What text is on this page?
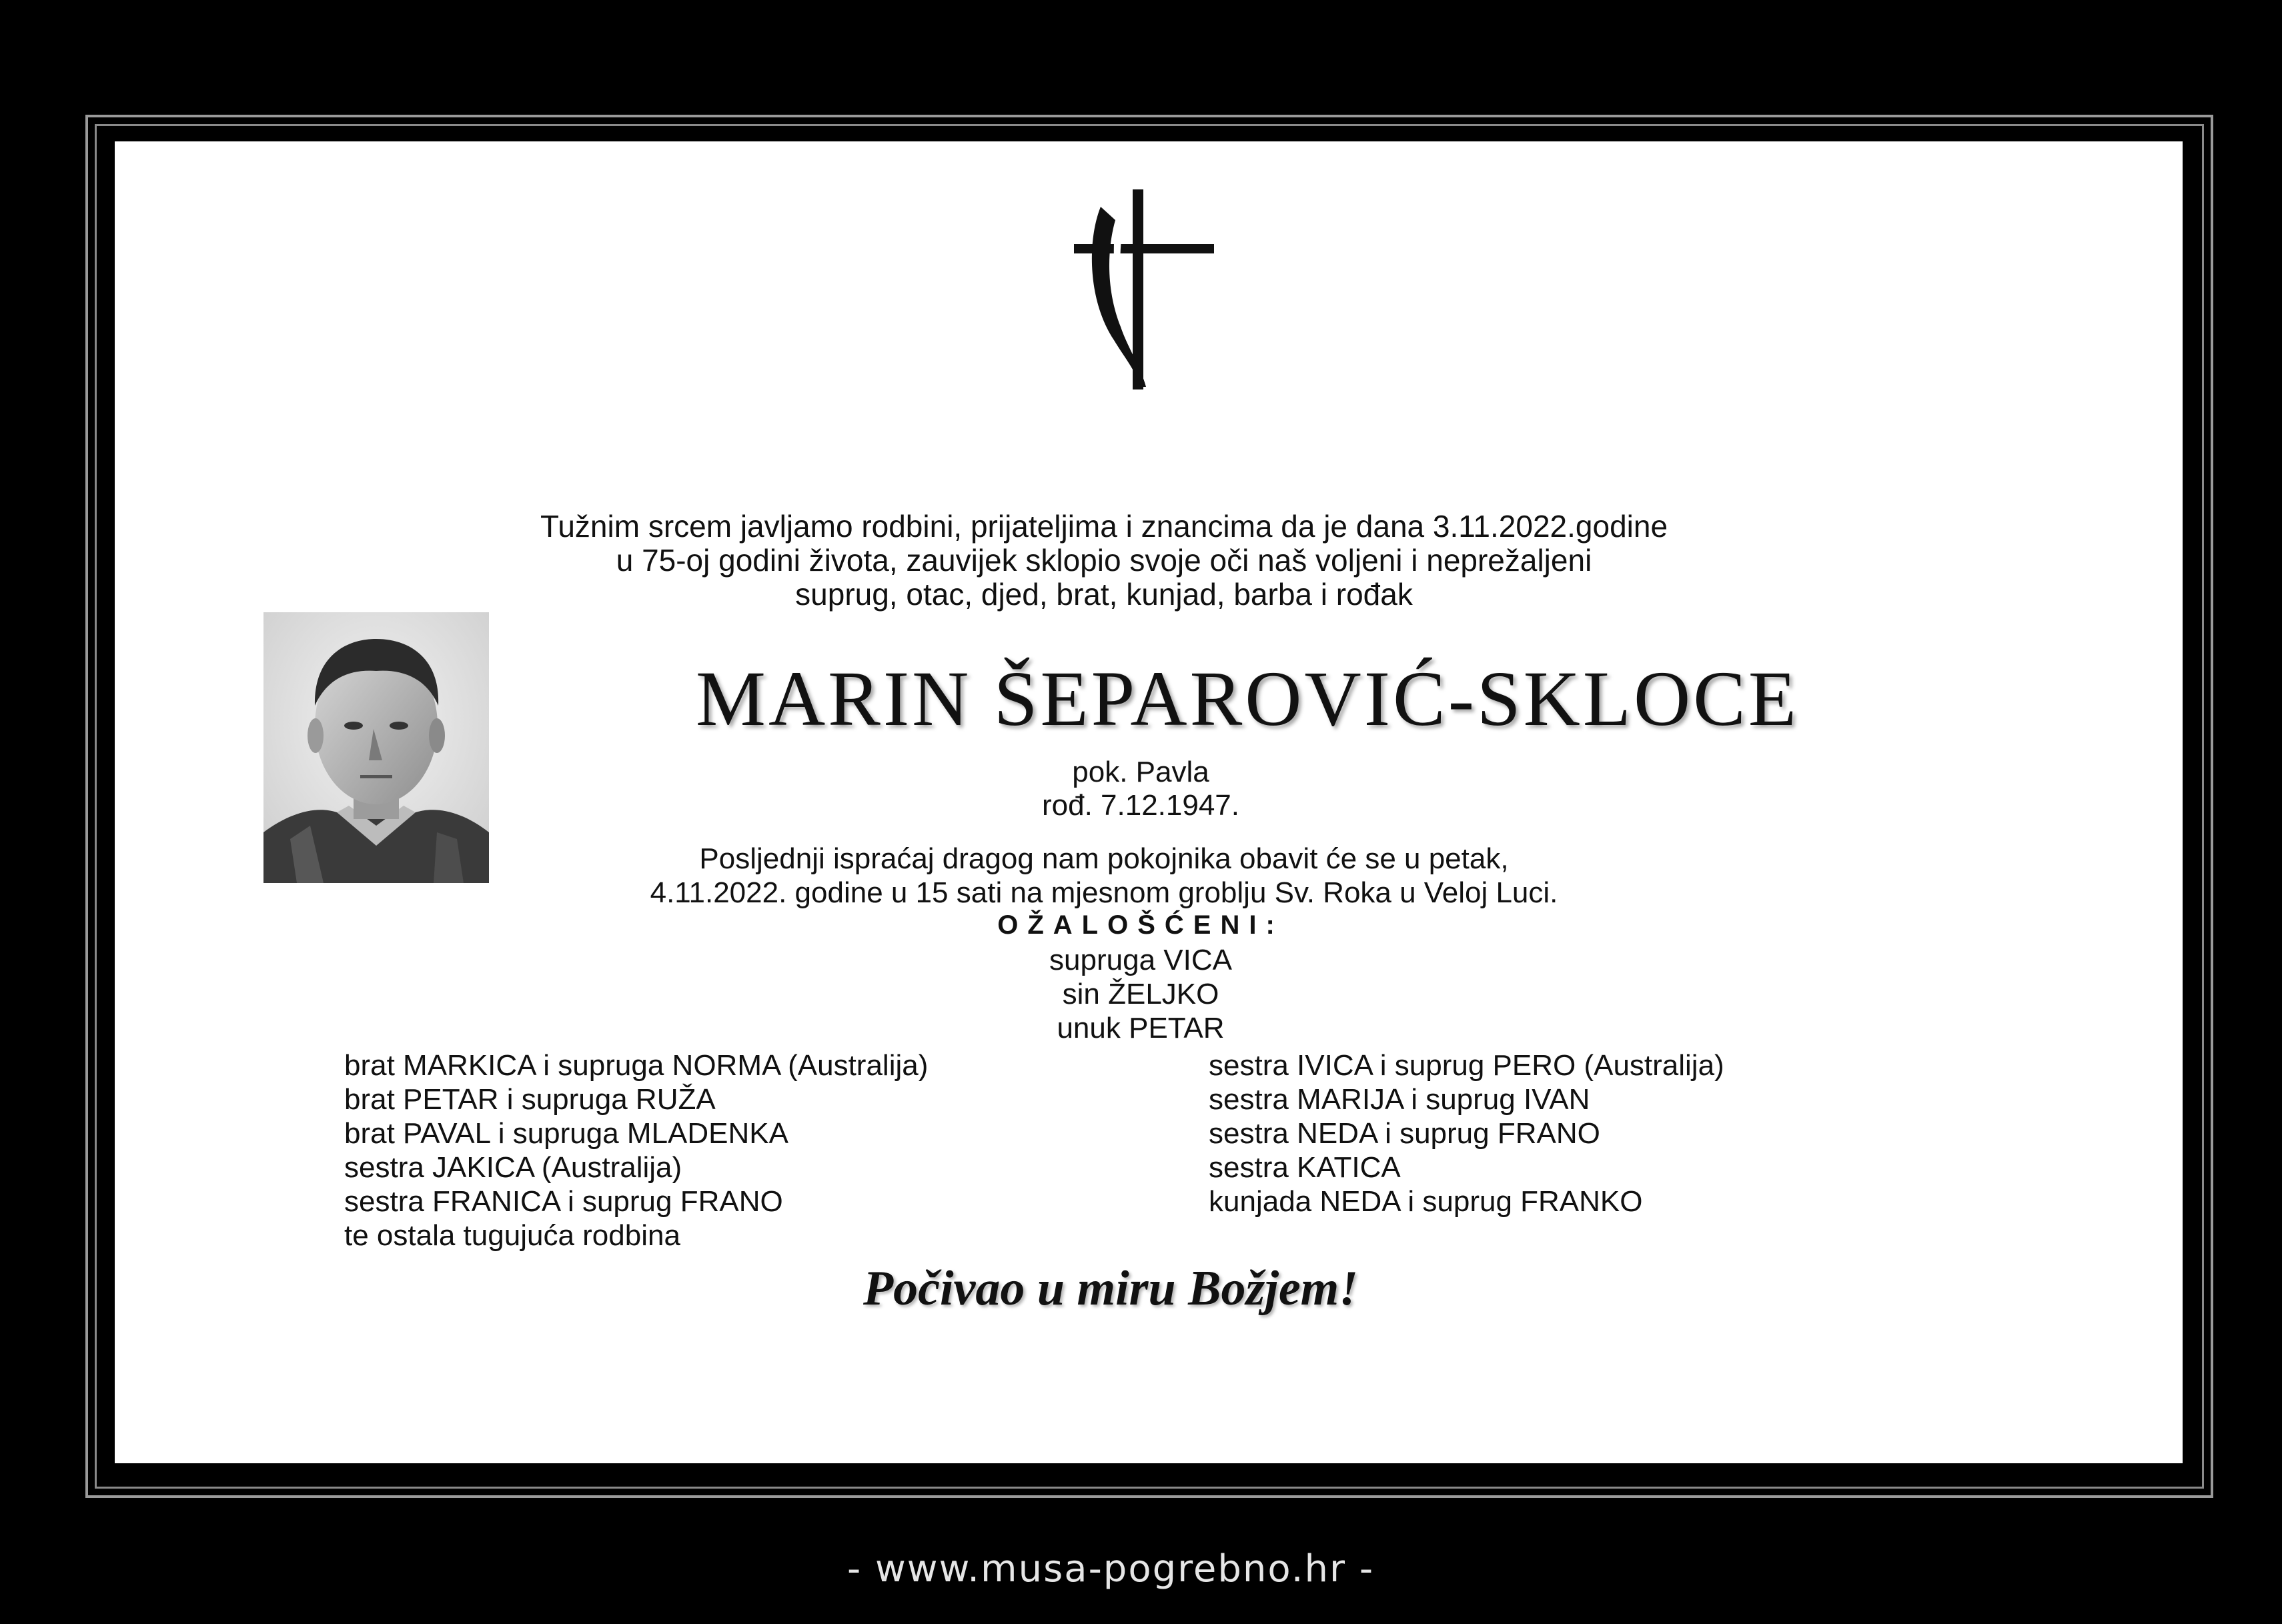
Tužnim srcem javljamo rodbini, prijateljima i znancima da je dana 3.11.2022.godine
u 75-oj godini života, zauvijek sklopio svoje oči naš voljeni i neprežaljeni
suprug, otac, djed, brat, kunjad, barba i rođak
MARIN ŠEPAROVIĆ-SKLOCE
pok. Pavla
rođ. 7.12.1947.
Posljednji ispraćaj dragog nam pokojnika obavit će se u petak,
4.11.2022. godine u 15 sati na mjesnom groblju Sv. Roka u Veloj Luci.
OŽALOŠĆENI:
supruga VICA
sin ŽELJKO
unuk PETAR
brat MARKICA i supruga NORMA (Australija)
brat PETAR i supruga RUŽA
brat PAVAL i supruga MLADENKA
sestra JAKICA (Australija)
sestra FRANICA i suprug FRANO
te ostala tugujuća rodbina
sestra IVICA i suprug PERO (Australija)
sestra MARIJA i suprug IVAN
sestra NEDA i suprug FRANO
sestra KATICA
kunjada NEDA i suprug FRANKO
Počivao u miru Božjem!
- www.musa-pogrebno.hr -
